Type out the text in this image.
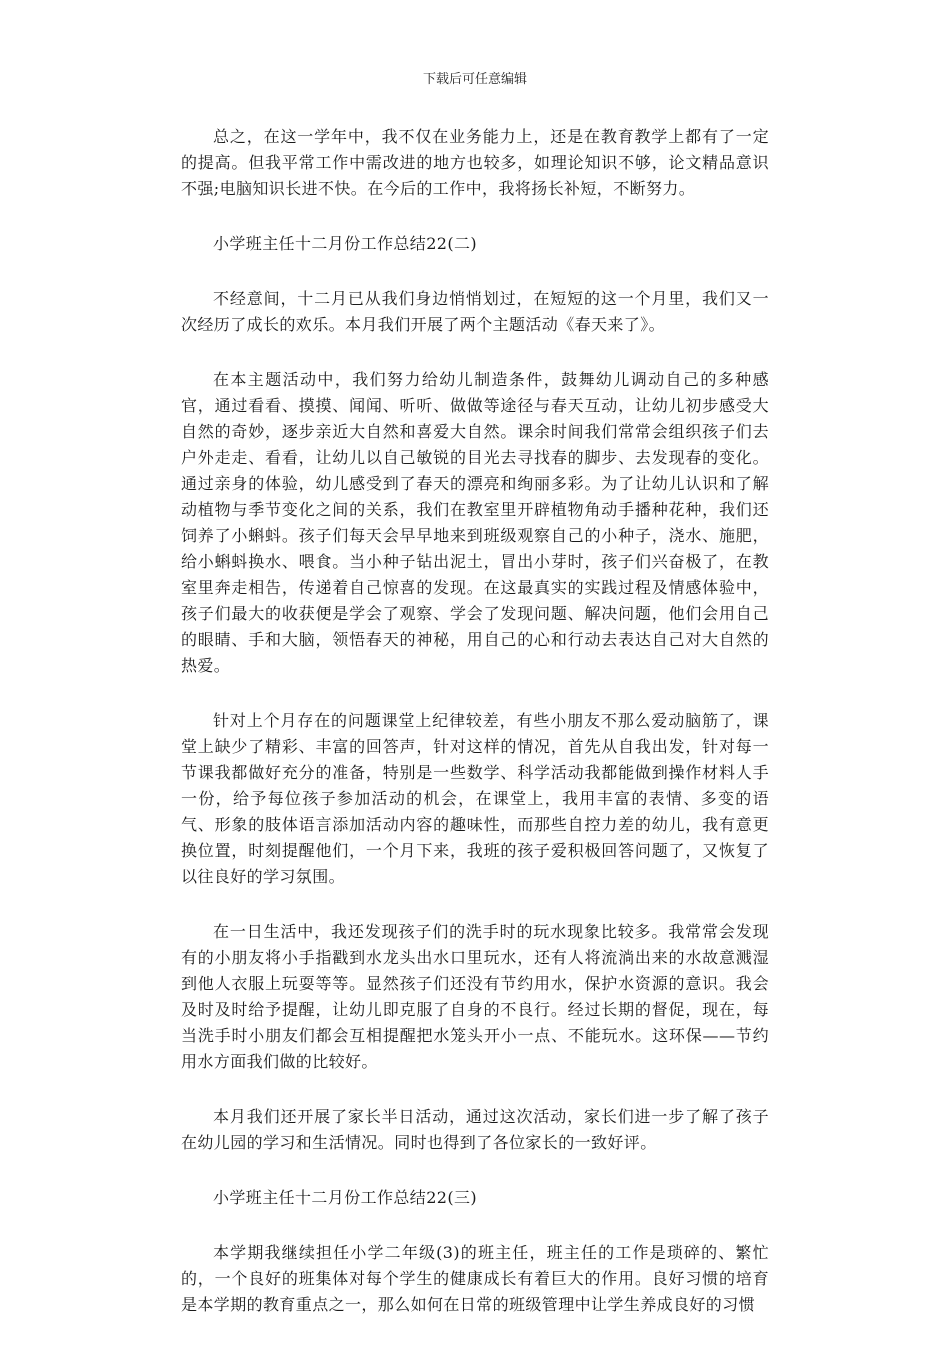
下载后可任意编辑

总之，在这一学年中，我不仅在业务能力上，还是在教育教学上都有了一定的提高。但我平常工作中需改进的地方也较多，如理论知识不够，论文精品意识不强;电脑知识长进不快。在今后的工作中，我将扬长补短，不断努力。

小学班主任十二月份工作总结22(二)

不经意间，十二月已从我们身边悄悄划过，在短短的这一个月里，我们又一次经历了成长的欢乐。本月我们开展了两个主题活动《春天来了》。

在本主题活动中，我们努力给幼儿制造条件，鼓舞幼儿调动自己的多种感官，通过看看、摸摸、闻闻、听听、做做等途径与春天互动，让幼儿初步感受大自然的奇妙，逐步亲近大自然和喜爱大自然。课余时间我们常常会组织孩子们去户外走走、看看，让幼儿以自己敏锐的目光去寻找春的脚步、去发现春的变化。通过亲身的体验，幼儿感受到了春天的漂亮和绚丽多彩。为了让幼儿认识和了解动植物与季节变化之间的关系，我们在教室里开辟植物角动手播种花种，我们还饲养了小蝌蚪。孩子们每天会早早地来到班级观察自己的小种子，浇水、施肥，给小蝌蚪换水、喂食。当小种子钻出泥土，冒出小芽时，孩子们兴奋极了，在教室里奔走相告，传递着自己惊喜的发现。在这最真实的实践过程及情感体验中，孩子们最大的收获便是学会了观察、学会了发现问题、解决问题，他们会用自己的眼睛、手和大脑，领悟春天的神秘，用自己的心和行动去表达自己对大自然的热爱。

针对上个月存在的问题课堂上纪律较差，有些小朋友不那么爱动脑筋了，课堂上缺少了精彩、丰富的回答声，针对这样的情况，首先从自我出发，针对每一节课我都做好充分的准备，特别是一些数学、科学活动我都能做到操作材料人手一份，给予每位孩子参加活动的机会，在课堂上，我用丰富的表情、多变的语气、形象的肢体语言添加活动内容的趣味性，而那些自控力差的幼儿，我有意更换位置，时刻提醒他们，一个月下来，我班的孩子爱积极回答问题了，又恢复了以往良好的学习氛围。

在一日生活中，我还发现孩子们的洗手时的玩水现象比较多。我常常会发现有的小朋友将小手指戳到水龙头出水口里玩水，还有人将流淌出来的水故意溅湿到他人衣服上玩耍等等。显然孩子们还没有节约用水，保护水资源的意识。我会及时及时给予提醒，让幼儿即克服了自身的不良行。经过长期的督促，现在，每当洗手时小朋友们都会互相提醒把水笼头开小一点、不能玩水。这环保——节约用水方面我们做的比较好。

本月我们还开展了家长半日活动，通过这次活动，家长们进一步了解了孩子在幼儿园的学习和生活情况。同时也得到了各位家长的一致好评。

小学班主任十二月份工作总结22(三)

本学期我继续担任小学二年级(3)的班主任，班主任的工作是琐碎的、繁忙的，一个良好的班集体对每个学生的健康成长有着巨大的作用。良好习惯的培育是本学期的教育重点之一，那么如何在日常的班级管理中让学生养成良好的习惯
